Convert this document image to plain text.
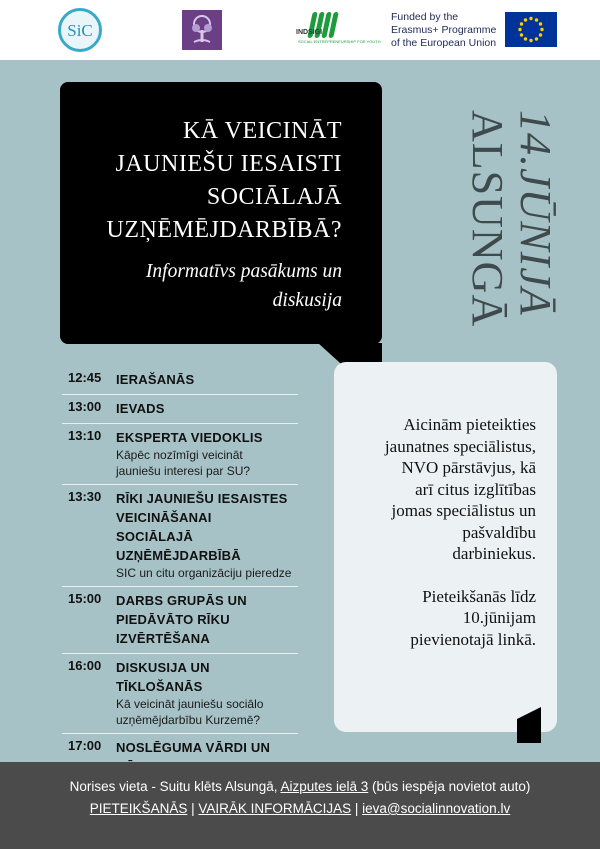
SiC	INDSIGI
SOCIAL ENTREPRENEURSHIP FOR YOUTH
Funded by the
Erasmus+ Programme
of the European Union
KĀ VEICINĀT
JAUNIEŠU IESAISTI
SOCIĀLAJĀ
UZŅĒMĒJDARBĪBĀ?
Informatīvs pasākums un
diskusija	14.JŪNIJĀ
ALSUNGĀ

Aicinām pieteikties
jaunatnes speciālistus,
NVO pārstāvjus, kā
arī citus izglītības
jomas speciālistus un
pašvaldību
darbiniekus.

Pieteikšanās līdz
10.jūnijam
pievienotajā linkā.

12:45 IERAŠANĀS
13:00 IEVADS
13:10 EKSPERTA VIEDOKLIS
Kāpēc nozīmīgi veicināt
jauniešu interesi par SU?
13:30 RĪKI JAUNIEŠU IESAISTES
VEICINĀŠANAI
SOCIĀLAJĀ
UZŅĒMĒJDARBĪBĀ
SIC un citu organizāciju pieredze
15:00 DARBS GRUPĀS UN
PIEDĀVĀTO RĪKU
IZVĒRTĒŠANA
16:00 DISKUSIJA UN TĪKLOŠANĀS
Kā veicināt jauniešu sociālo
uzņēmējdarbību Kurzemē?
17:00 NOSLĒGUMA VĀRDI UN
Norises vieta - Suitu klēts Alsungā, Aizputes ielā 3 (būs iespēja novietot auto)
PIETEIKŠANĀS | VAIRĀK INFORMĀCIJAS | ieva@socialinnovation.lv
